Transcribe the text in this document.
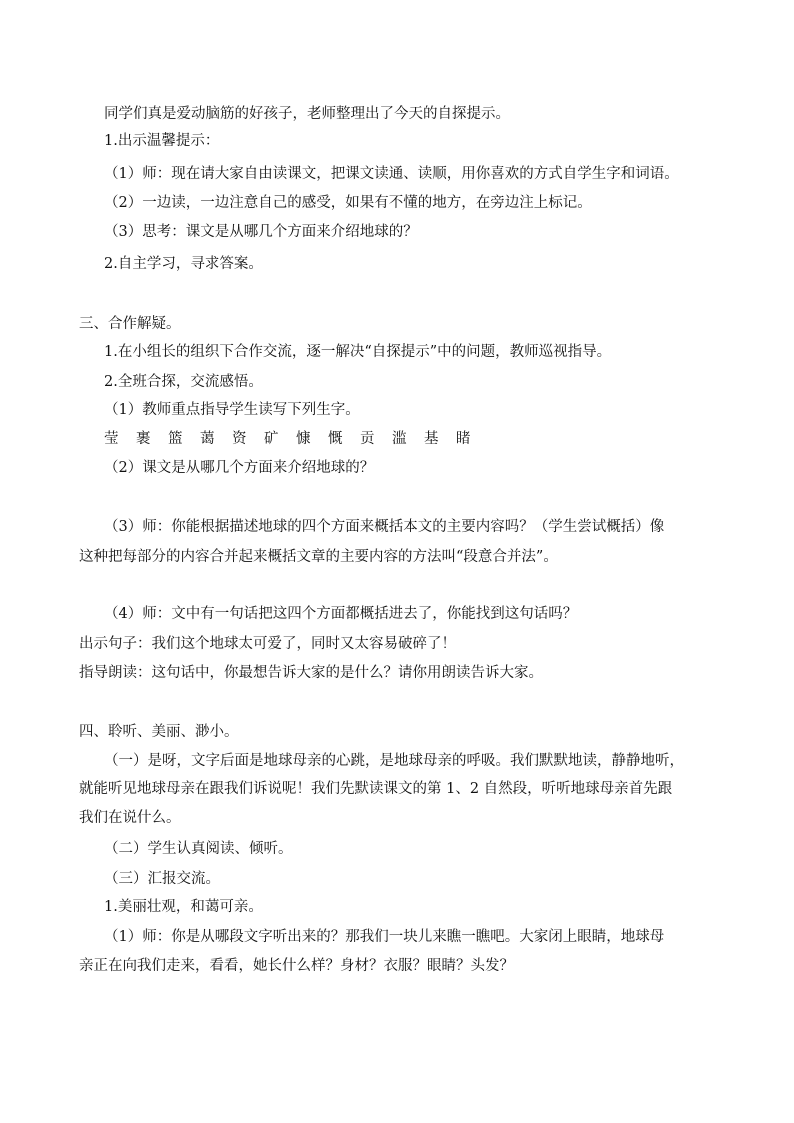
同学们真是爱动脑筋的好孩子，老师整理出了今天的自探提示。

1.出示温馨提示：

（1）师：现在请大家自由读课文，把课文读通、读顺，用你喜欢的方式自学生字和词语。

（2）一边读，一边注意自己的感受，如果有不懂的地方，在旁边注上标记。

（3）思考：课文是从哪几个方面来介绍地球的？

2.自主学习，寻求答案。

三、合作解疑。

1.在小组长的组织下合作交流，逐一解决“自探提示”中的问题，教师巡视指导。

2.全班合探，交流感悟。

（1）教师重点指导学生读写下列生字。

莹 裹 篮 蔼 资 矿 慷 慨 贡 滥 基 睹

（2）课文是从哪几个方面来介绍地球的？

（3）师：你能根据描述地球的四个方面来概括本文的主要内容吗？（学生尝试概括）像

这种把每部分的内容合并起来概括文章的主要内容的方法叫“段意合并法”。

（4）师：文中有一句话把这四个方面都概括进去了，你能找到这句话吗？

出示句子：我们这个地球太可爱了，同时又太容易破碎了！

指导朗读：这句话中，你最想告诉大家的是什么？请你用朗读告诉大家。

四、聆听、美丽、渺小。

（一）是呀，文字后面是地球母亲的心跳，是地球母亲的呼吸。我们默默地读，静静地听，

就能听见地球母亲在跟我们诉说呢！我们先默读课文的第 1、2 自然段，听听地球母亲首先跟

我们在说什么。

（二）学生认真阅读、倾听。

（三）汇报交流。

1.美丽壮观，和蔼可亲。

（1）师：你是从哪段文字听出来的？那我们一块儿来瞧一瞧吧。大家闭上眼睛，地球母

亲正在向我们走来，看看，她长什么样？身材？衣服？眼睛？头发？
